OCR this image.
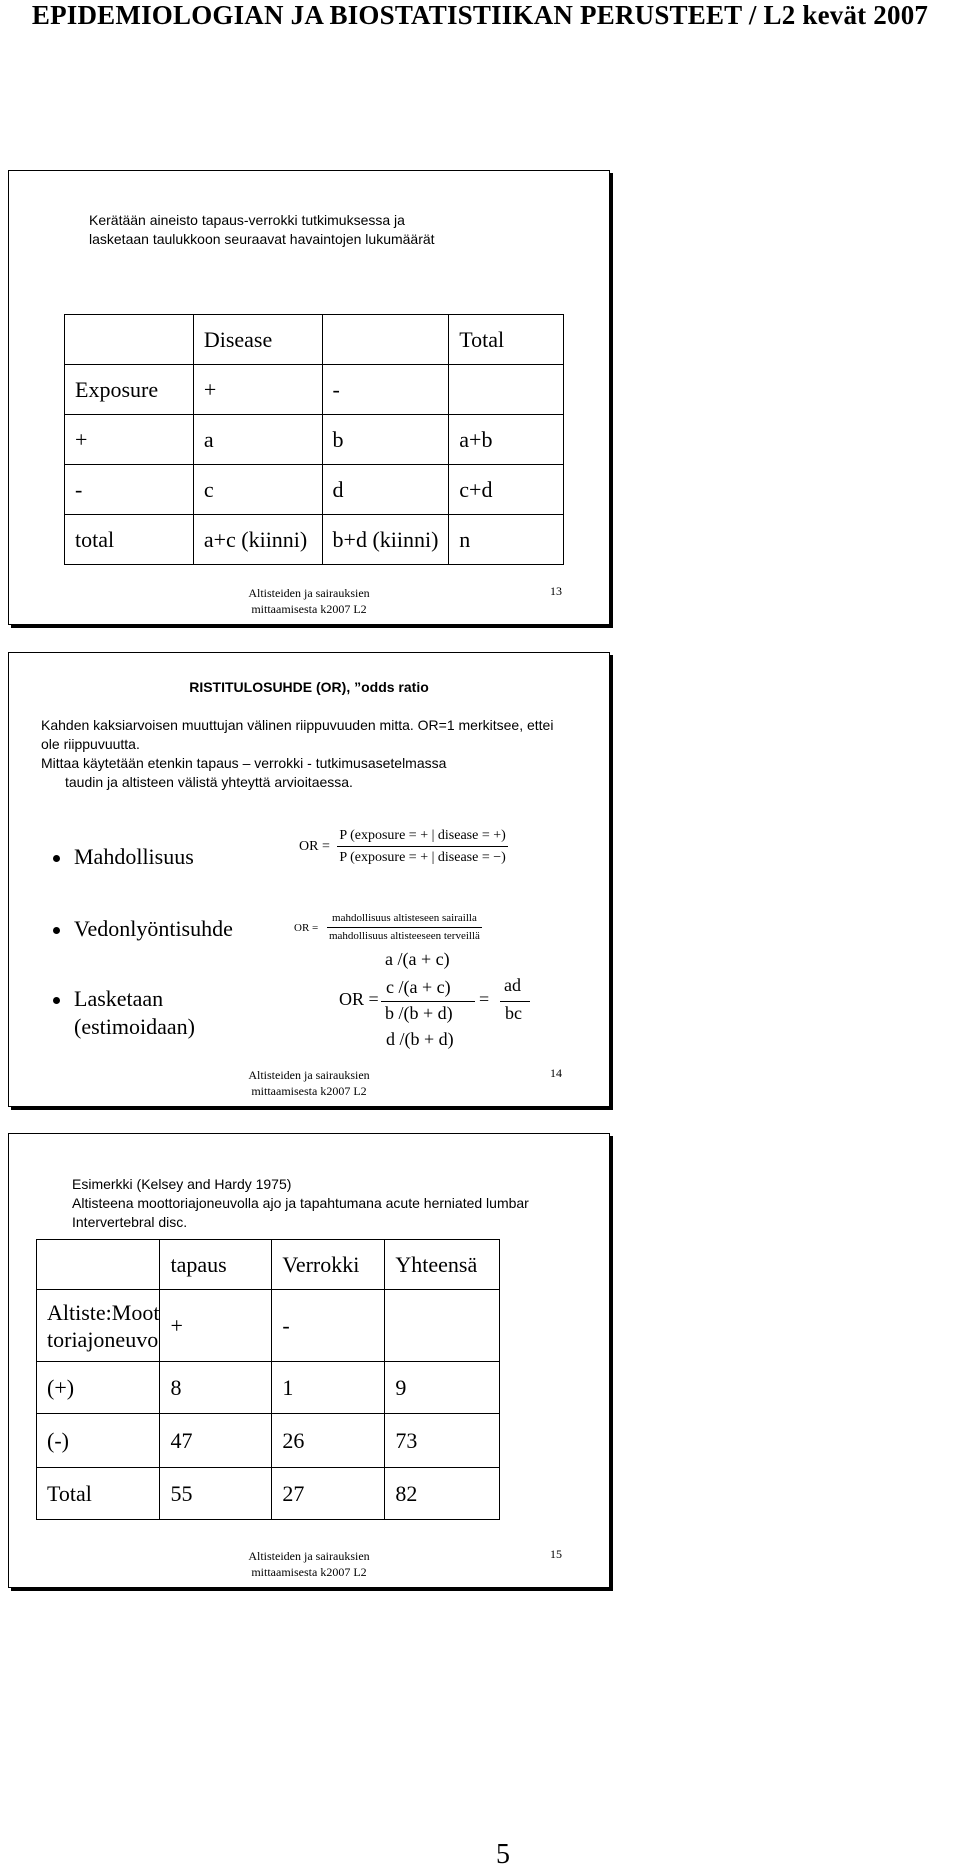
EPIDEMIOLOGIAN JA BIOSTATISTIIKAN PERUSTEET / L2 kevät 2007
Kerätään aineisto tapaus-verrokki tutkimuksessa ja
lasketaan taulukkoon seuraavat havaintojen lukumäärät
	Disease		Total
Exposure	+	-	
+	a	b	a+b
-	c	d	c+d
total	a+c (kiinni)	b+d (kiinni)	n
Altisteiden ja sairauksien
mittaamisesta k2007 L2
13
RISTITULOSUHDE (OR), ”odds ratio
Kahden kaksiarvoisen muuttujan välinen riippuvuuden mitta. OR=1 merkitsee, ettei
ole riippuvuutta.
Mittaa käytetään etenkin tapaus – verrokki - tutkimusasetelmassa
taudin ja altisteen välistä yhteyttä arvioitaessa.
Mahdollisuus
Vedonlyöntisuhde
Lasketaan
(estimoidaan)
OR = $\frac{\text{P (exposure = + | disease = +)}}{\text{P (exposure = + | disease = −)}}$
OR = $\frac{\text{mahdollisuus altisteseen sairailla}}{\text{mahdollisuus altisteeseen terveillä}}$
a /(a + c)
OR =
c /(a + c)
b /(b + d)
d /(b + d)
=
ad
bc
Altisteiden ja sairauksien
mittaamisesta k2007 L2
14
Esimerkki (Kelsey and Hardy 1975)
Altisteena moottoriajoneuvolla ajo ja tapahtumana acute herniated lumbar
Intervertebral disc.
	tapaus	Verrokki	Yhteensä
Altiste:Moot
toriajoneuvo	+	-	
(+)	8	1	9
(-)	47	26	73
Total	55	27	82
Altisteiden ja sairauksien
mittaamisesta k2007 L2
15
5
